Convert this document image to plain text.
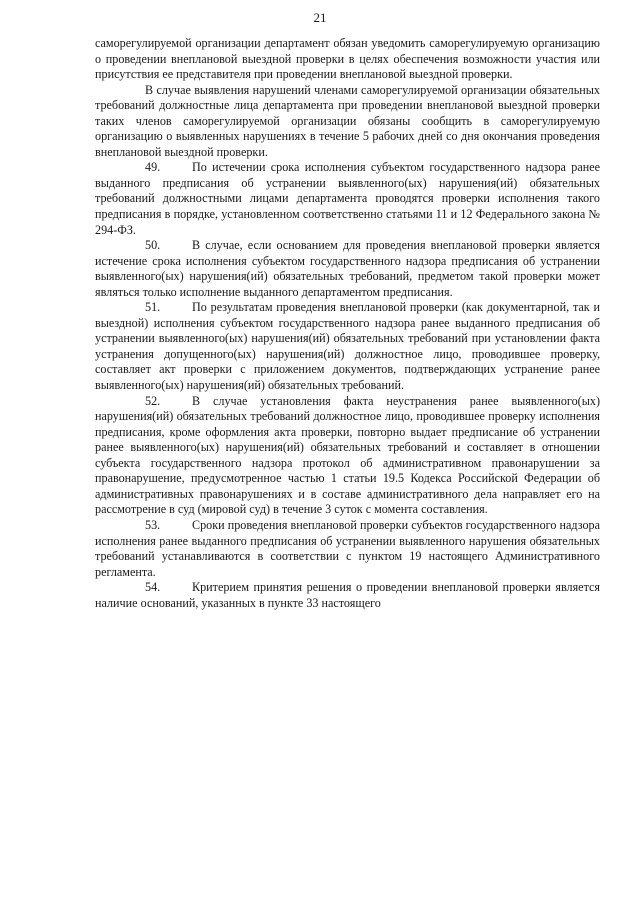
21

саморегулируемой организации департамент обязан уведомить саморегулируемую организацию о проведении внеплановой выездной проверки в целях обеспечения возможности участия или присутствия ее представителя при проведении внеплановой выездной проверки.

В случае выявления нарушений членами саморегулируемой организации обязательных требований должностные лица департамента при проведении внеплановой выездной проверки таких членов саморегулируемой организации обязаны сообщить в саморегулируемую организацию о выявленных нарушениях в течение 5 рабочих дней со дня окончания проведения внеплановой выездной проверки.

49.	По истечении срока исполнения субъектом государственного надзора ранее выданного предписания об устранении выявленного(ых) нарушения(ий) обязательных требований должностными лицами департамента проводятся проверки исполнения такого предписания в порядке, установленном соответственно статьями 11 и 12 Федерального закона № 294-ФЗ.

50.	В случае, если основанием для проведения внеплановой проверки является истечение срока исполнения субъектом государственного надзора предписания об устранении выявленного(ых) нарушения(ий) обязательных требований, предметом такой проверки может являться только исполнение выданного департаментом предписания.

51.	По результатам проведения внеплановой проверки (как документарной, так и выездной) исполнения субъектом государственного надзора ранее выданного предписания об устранении выявленного(ых) нарушения(ий) обязательных требований при установлении факта устранения допущенного(ых) нарушения(ий) должностное лицо, проводившее проверку, составляет акт проверки с приложением документов, подтверждающих устранение ранее выявленного(ых) нарушения(ий) обязательных требований.

52.	В случае установления факта неустранения ранее выявленного(ых) нарушения(ий) обязательных требований должностное лицо, проводившее проверку исполнения предписания, кроме оформления акта проверки, повторно выдает предписание об устранении ранее выявленного(ых) нарушения(ий) обязательных требований и составляет в отношении субъекта государственного надзора протокол об административном правонарушении за правонарушение, предусмотренное частью 1 статьи 19.5 Кодекса Российской Федерации об административных правонарушениях и в составе административного дела направляет его на рассмотрение в суд (мировой суд) в течение 3 суток с момента составления.

53.	Сроки проведения внеплановой проверки субъектов государственного надзора исполнения ранее выданного предписания об устранении выявленного нарушения обязательных требований устанавливаются в соответствии с пунктом 19 настоящего Административного регламента.

54.	Критерием принятия решения о проведении внеплановой проверки является наличие оснований, указанных в пункте 33 настоящего
